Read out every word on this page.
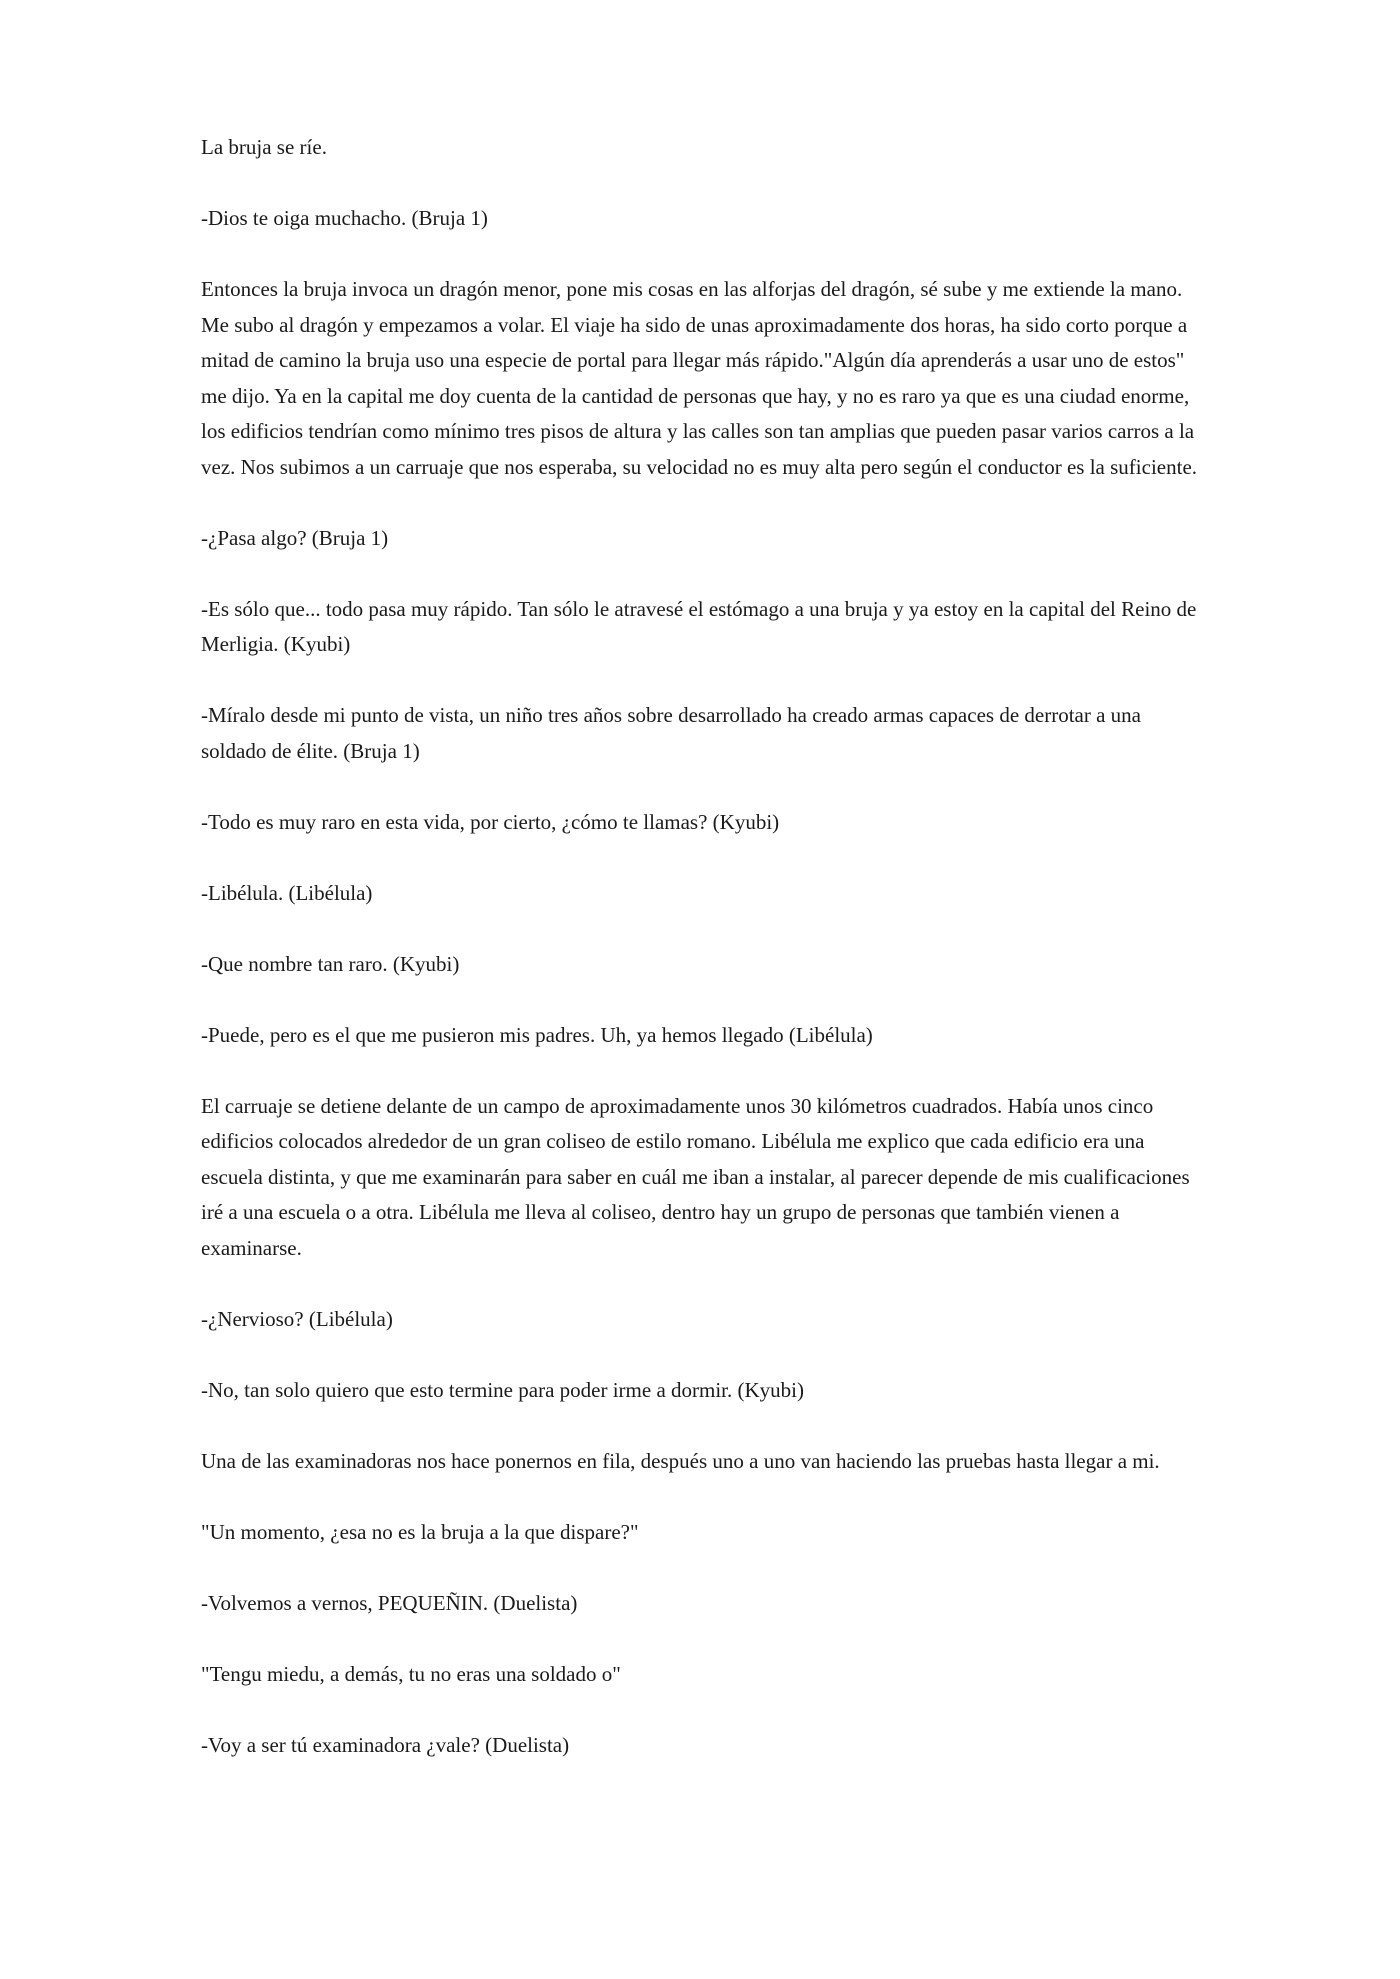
La bruja se ríe.

-Dios te oiga muchacho. (Bruja 1)

Entonces la bruja invoca un dragón menor, pone mis cosas en las alforjas del dragón, sé sube y me extiende la mano. Me subo al dragón y empezamos a volar. El viaje ha sido de unas aproximadamente dos horas, ha sido corto porque a mitad de camino la bruja uso una especie de portal para llegar más rápido."Algún día aprenderás a usar uno de estos" me dijo. Ya en la capital me doy cuenta de la cantidad de personas que hay, y no es raro ya que es una ciudad enorme, los edificios tendrían como mínimo tres pisos de altura y las calles son tan amplias que pueden pasar varios carros a la vez. Nos subimos a un carruaje que nos esperaba, su velocidad no es muy alta pero según el conductor es la suficiente.

-¿Pasa algo? (Bruja 1)

-Es sólo que... todo pasa muy rápido. Tan sólo le atravesé el estómago a una bruja y ya estoy en la capital del Reino de Merligia. (Kyubi)

-Míralo desde mi punto de vista, un niño tres años sobre desarrollado ha creado armas capaces de derrotar a una soldado de élite. (Bruja 1)

-Todo es muy raro en esta vida, por cierto, ¿cómo te llamas? (Kyubi)

-Libélula. (Libélula)

-Que nombre tan raro. (Kyubi)

-Puede, pero es el que me pusieron mis padres. Uh, ya hemos llegado (Libélula)

El carruaje se detiene delante de un campo de aproximadamente unos 30 kilómetros cuadrados. Había unos cinco edificios colocados alrededor de un gran coliseo de estilo romano. Libélula me explico que cada edificio era una escuela distinta, y que me examinarán para saber en cuál me iban a instalar, al parecer depende de mis cualificaciones iré a una escuela o a otra. Libélula me lleva al coliseo, dentro hay un grupo de personas que también vienen a examinarse.

-¿Nervioso? (Libélula)

-No, tan solo quiero que esto termine para poder irme a dormir. (Kyubi)

Una de las examinadoras nos hace ponernos en fila, después uno a uno van haciendo las pruebas hasta llegar a mi.

"Un momento, ¿esa no es la bruja a la que dispare?"

-Volvemos a vernos, PEQUEÑIN. (Duelista)

"Tengu miedu, a demás, tu no eras una soldado o"

-Voy a ser tú examinadora ¿vale? (Duelista)
